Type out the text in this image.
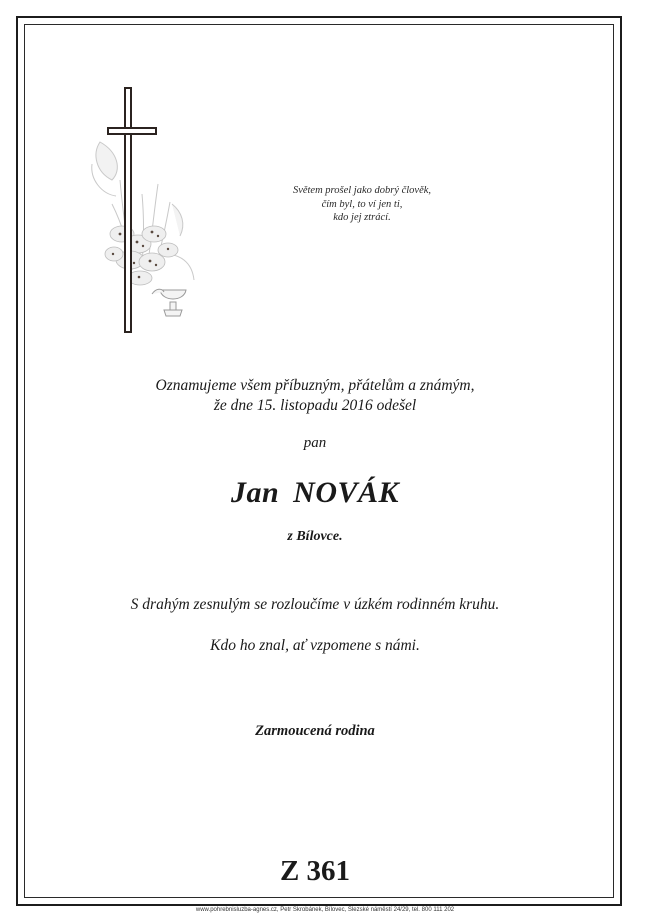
Světem prošel jako dobrý člověk,
čím byl, to ví jen ti,
kdo jej ztrácí.
Oznamujeme všem příbuzným, přátelům a známým,
že dne 15. listopadu 2016 odešel
pan
Jan NOVÁK
z Bílovce.
S drahým zesnulým se rozloučíme v úzkém rodinném kruhu.
Kdo ho znal, ať vzpomene s námi.
Zarmoucená rodina
Z 361
www.pohrebnisluzba-agnes.cz, Petr Škrobánek, Bílovec, Slezské náměstí 24/29, tel. 800 111 202
